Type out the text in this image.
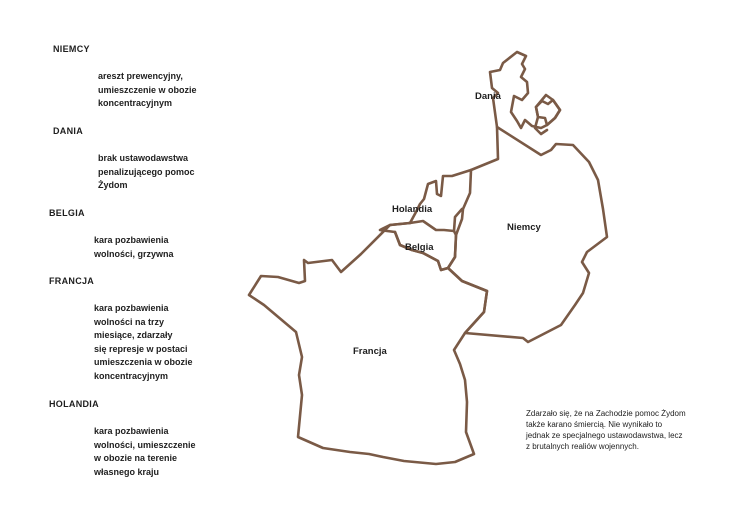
NIEMCY

areszt prewencyjny,
umieszczenie w obozie
koncentracyjnym

DANIA

brak ustawodawstwa
penalizującego pomoc
Żydom

BELGIA

kara pozbawienia
wolności, grzywna

FRANCJA

kara pozbawienia
wolności na trzy
miesiące, zdarzały
się represje w postaci
umieszczenia w obozie
koncentracyjnym

HOLANDIA

kara pozbawienia
wolności, umieszczenie
w obozie na terenie
własnego kraju

Dania
Holandia
Belgia
Niemcy
Francja

Zdarzało się, że na Zachodzie pomoc Żydom
także karano śmiercią. Nie wynikało to
jednak ze specjalnego ustawodawstwa, lecz
z brutalnych realiów wojennych.
